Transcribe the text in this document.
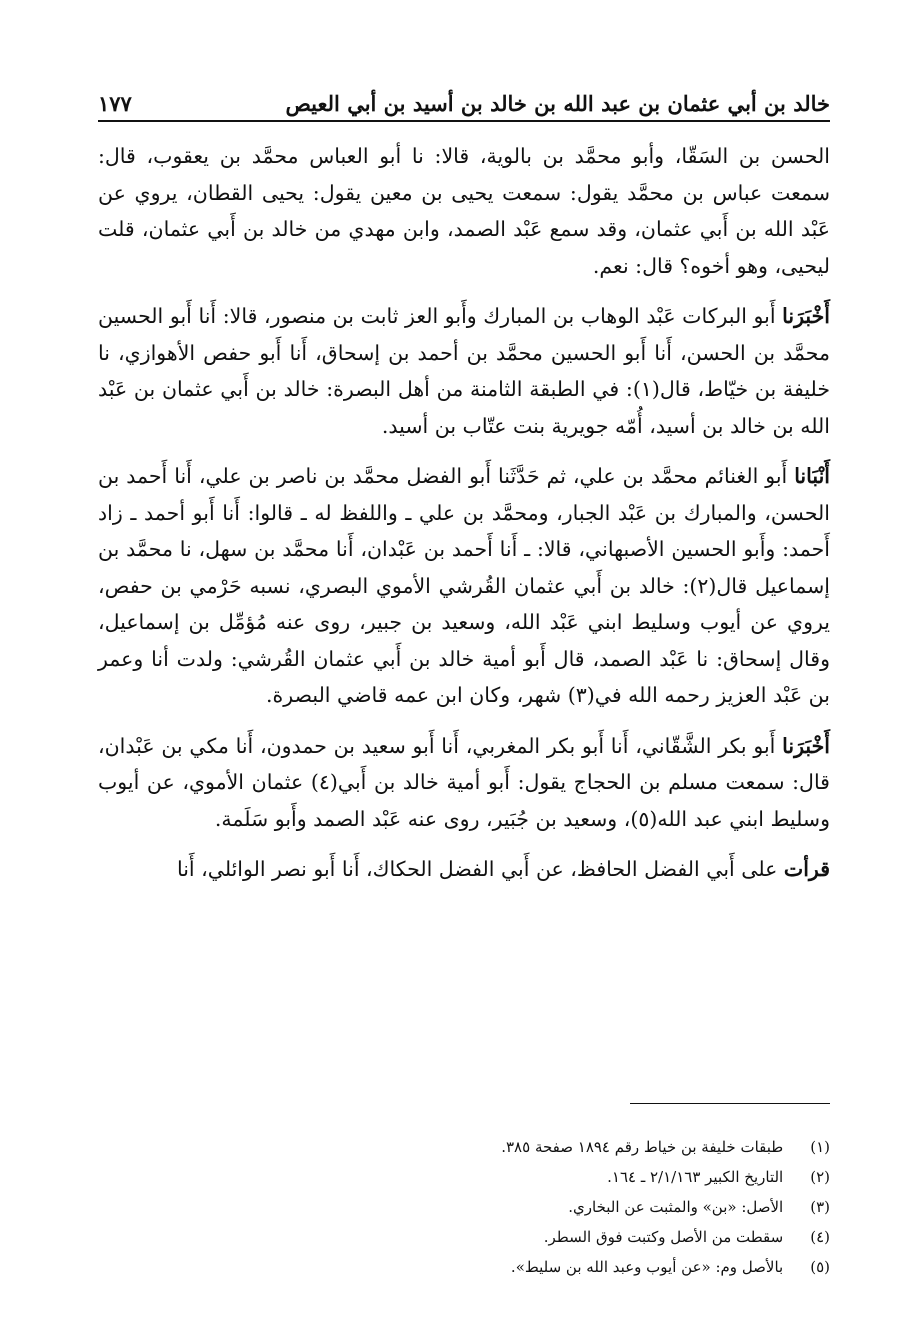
خالد بن أبي عثمان بن عبد الله بن خالد بن أسيد بن أبي العيص
١٧٧

الحسن بن السَقّا، وأبو محمَّد بن بالوية، قالا: نا أبو العباس محمَّد بن يعقوب، قال: سمعت عباس بن محمَّد يقول: سمعت يحيى بن معين يقول: يحيى القطان، يروي عن عَبْد الله بن أَبي عثمان، وقد سمع عَبْد الصمد، وابن مهدي من خالد بن أَبي عثمان، قلت ليحيى، وهو أخوه؟ قال: نعم.

أَخْبَرَنا أَبو البركات عَبْد الوهاب بن المبارك وأَبو العز ثابت بن منصور، قالا: أَنا أَبو الحسين محمَّد بن الحسن، أَنا أَبو الحسين محمَّد بن أحمد بن إسحاق، أَنا أَبو حفص الأهوازي، نا خليفة بن خيّاط، قال(١): في الطبقة الثامنة من أهل البصرة: خالد بن أَبي عثمان بن عَبْد الله بن خالد بن أسيد، أُمّه جويرية بنت عتّاب بن أسيد.

أَنْبَانا أَبو الغنائم محمَّد بن علي، ثم حَدَّثَنا أَبو الفضل محمَّد بن ناصر بن علي، أَنا أَحمد بن الحسن، والمبارك بن عَبْد الجبار، ومحمَّد بن علي ـ واللفظ له ـ قالوا: أَنا أَبو أحمد ـ زاد أَحمد: وأَبو الحسين الأصبهاني، قالا: ـ أَنا أَحمد بن عَبْدان، أَنا محمَّد بن سهل، نا محمَّد بن إسماعيل قال(٢): خالد بن أَبي عثمان القُرشي الأموي البصري، نسبه حَرْمي بن حفص، يروي عن أيوب وسليط ابني عَبْد الله، وسعيد بن جبير، روى عنه مُؤمِّل بن إسماعيل، وقال إسحاق: نا عَبْد الصمد، قال أَبو أمية خالد بن أَبي عثمان القُرشي: ولدت أنا وعمر بن عَبْد العزيز رحمه الله في(٣) شهر، وكان ابن عمه قاضي البصرة.

أَخْبَرَنا أَبو بكر الشَّقّاني، أَنا أَبو بكر المغربي، أَنا أَبو سعيد بن حمدون، أَنا مكي بن عَبْدان، قال: سمعت مسلم بن الحجاج يقول: أَبو أمية خالد بن أَبي(٤) عثمان الأموي، عن أيوب وسليط ابني عبد الله(٥)، وسعيد بن جُبَير، روى عنه عَبْد الصمد وأَبو سَلَمة.

قرأت على أَبي الفضل الحافظ، عن أَبي الفضل الحكاك، أَنا أَبو نصر الوائلي، أَنا

(١) طبقات خليفة بن خياط رقم ١٨٩٤ صفحة ٣٨٥.
(٢) التاريخ الكبير ٢/١/١٦٣ ـ ١٦٤.
(٣) الأصل: «بن» والمثبت عن البخاري.
(٤) سقطت من الأصل وكتبت فوق السطر.
(٥) بالأصل وم: «عن أيوب وعبد الله بن سليط».
